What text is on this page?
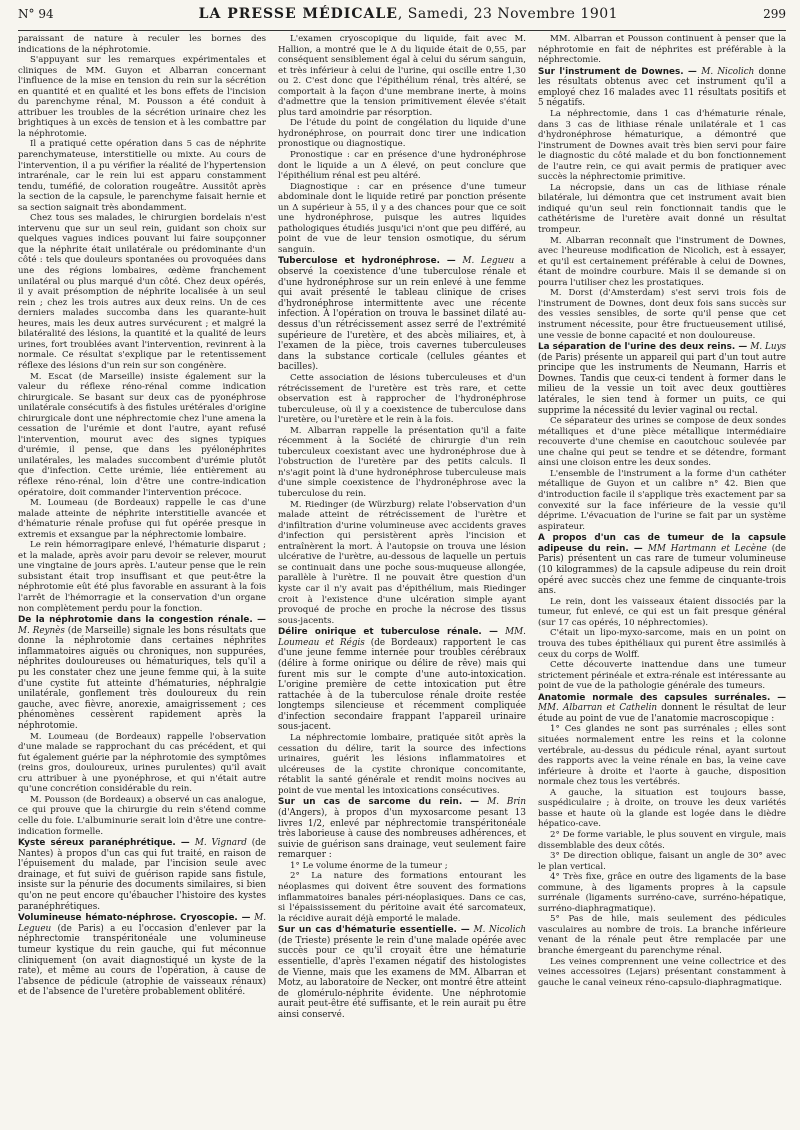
N° 94	LA PRESSE MÉDICALE, Samedi, 23 Novembre 1901	299

paraissant de nature à reculer les bornes des indications de la néphrotomie.

S'appuyant sur les remarques expérimentales et cliniques de MM. Guyon et Albarran concernant l'influence de la mise en tension du rein sur la sécrétion en quantité et en qualité et les bons effets de l'incision du parenchyme rénal, M. Pousson a été conduit à attribuer les troubles de la sécrétion urinaire chez les brightiques à un excès de tension et à les combattre par la néphrotomie.

Il a pratiqué cette opération dans 5 cas de néphrite parenchymateuse, interstitielle ou mixte. Au cours de l'intervention, il a pu vérifier la réalité de l'hypertension intrarénale, car le rein lui est apparu constamment tendu, tuméfié, de coloration rougeâtre. Aussitôt après la section de la capsule, le parenchyme faisait hernie et sa section saignait très abondamment.

Chez tous ses malades, le chirurgien bordelais n'est intervenu que sur un seul rein, guidant son choix sur quelques vagues indices pouvant lui faire soupçonner que la néphrite était unilatérale ou prédominante d'un côté : tels que douleurs spontanées ou provoquées dans une des régions lombaires, œdème franchement unilatéral ou plus marqué d'un côté. Chez deux opérés, il y avait présomption de néphrite localisée à un seul rein ; chez les trois autres aux deux reins. Un de ces derniers malades succomba dans les quarante-huit heures, mais les deux autres survécurent ; et malgré la bilatéralité des lésions, la quantité et la qualité de leurs urines, fort troublées avant l'intervention, revinrent à la normale. Ce résultat s'explique par le retentissement réflexe des lésions d'un rein sur son congénère.

M. Escat (de Marseille) insiste également sur la valeur du réflexe réno-rénal comme indication chirurgicale. Se basant sur deux cas de pyonéphrose unilatérale consécutifs à des fistules urétérales d'origine chirurgicale dont une néphrectomie chez l'une amena la cessation de l'urémie et dont l'autre, ayant refusé l'intervention, mourut avec des signes typiques d'urémie, il pense, que dans les pyélonéphrites unilatérales, les malades succombent d'urémie plutôt que d'infection. Cette urémie, liée entièrement au réflexe réno-rénal, loin d'être une contre-indication opératoire, doit commander l'intervention précoce.

M. Loumeau (de Bordeaux) rappelle le cas d'une malade atteinte de néphrite interstitielle avancée et d'hématurie rénale profuse qui fut opérée presque in extremis et exsangue par la néphrectomie lombaire.

Le rein hémorragipare enlevé, l'hématurie disparut ; et la malade, après avoir paru devoir se relever, mourut une vingtaine de jours après. L'auteur pense que le rein subsistant était trop insuffisant et que peut-être la néphrotomie eût été plus favorable en assurant à la fois l'arrêt de l'hémorragie et la conservation d'un organe non complètement perdu pour la fonction.

De la néphrotomie dans la congestion rénale. — M. Reynès (de Marseille) signale les bons résultats que donne la néphrotomie dans certaines néphrites inflammatoires aiguës ou chroniques, non suppurées, néphrites douloureuses ou hématuriques, tels qu'il a pu les constater chez une jeune femme qui, à la suite d'une cystite fut atteinte d'hématuries, néphralgie unilatérale, gonflement très douloureux du rein gauche, avec fièvre, anorexie, amaigrissement ; ces phénomènes cessèrent rapidement après la néphrotomie.

M. Loumeau (de Bordeaux) rappelle l'observation d'une malade se rapprochant du cas précédent, et qui fut également guérie par la néphrotomie des symptômes (reins gros, douloureux, urines purulentes) qu'il avait cru attribuer à une pyonéphrose, et qui n'était autre qu'une concrétion considérable du rein.

M. Pousson (de Bordeaux) a observé un cas analogue, ce qui prouve que la chirurgie du rein s'étend comme celle du foie. L'albuminurie serait loin d'être une contre-indication formelle.

Kyste séreux paranéphrétique. — M. Vignard (de Nantes) à propos d'un cas qui fut traité, en raison de l'épuisement du malade, par l'incision seule avec drainage, et fut suivi de guérison rapide sans fistule, insiste sur la pénurie des documents similaires, si bien qu'on ne peut encore qu'ébaucher l'histoire des kystes paranéphrétiques.
Volumineuse hémato-néphrose. Cryoscopie. — M. Legueu (de Paris) a eu l'occasion d'enlever par la néphrectomie transpéritonéale une volumineuse tumeur kystique du rein gauche, qui fut méconnue cliniquement (on avait diagnostiqué un kyste de la rate), et même au cours de l'opération, à cause de l'absence de pédicule (atrophie de vaisseaux rénaux) et de l'absence de l'uretère probablement oblitéré.

L'examen cryoscopique du liquide, fait avec M. Hallion, a montré que le Δ du liquide était de 0,55, par conséquent sensiblement égal à celui du sérum sanguin, et très inférieur à celui de l'urine, qui oscille entre 1,30 ou 2. C'est donc que l'épithélium rénal, très altéré, se comportait à la façon d'une membrane inerte, à moins d'admettre que la tension primitivement élevée s'était plus tard amoindrie par résorption.

De l'étude du point de congélation du liquide d'une hydronéphrose, on pourrait donc tirer une indication pronostique ou diagnostique.

Pronostique : car en présence d'une hydronéphrose dont le liquide a un Δ élevé, on peut conclure que l'épithélium rénal est peu altéré.

Diagnostique : car en présence d'une tumeur abdominale dont le liquide retiré par ponction présente un Δ supérieur à 55, il y a des chances pour que ce soit une hydronéphrose, puisque les autres liquides pathologiques étudiés jusqu'ici n'ont que peu différé, au point de vue de leur tension osmotique, du sérum sanguin.

Tuberculose et hydronéphrose. — M. Legueu a observé la coexistence d'une tuberculose rénale et d'une hydronéphrose sur un rein enlevé à une femme qui avait présenté le tableau clinique de crises d'hydronéphrose intermittente avec une récente infection. À l'opération on trouva le bassinet dilaté au-dessus d'un rétrécissement assez serré de l'extrémité supérieure de l'uretère, et des abcès miliaires, et, à l'examen de la pièce, trois cavernes tuberculeuses dans la substance corticale (cellules géantes et bacilles).

Cette association de lésions tuberculeuses et d'un rétrécissement de l'uretère est très rare, et cette observation est à rapprocher de l'hydronéphrose tuberculeuse, où il y a coexistence de tuberculose dans l'uretère, ou l'uretère et le rein à la fois.

M. Albarran rappelle la présentation qu'il a faite récemment à la Société de chirurgie d'un rein tuberculeux coexistant avec une hydronéphrose due à l'obstruction de l'uretère par des petits calculs. Il n's'agit point là d'une hydronéphrose tuberculeuse mais d'une simple coexistence de l'hydronéphrose avec la tuberculose du rein.

M. Riedinger (de Würzburg) relate l'observation d'un malade atteint de rétrécissement de l'urètre et d'infiltration d'urine volumineuse avec accidents graves d'infection qui persistèrent après l'incision et entraînèrent la mort. À l'autopsie on trouva une lésion ulcérative de l'urètre, au-dessous de laquelle un pertuis se continuait dans une poche sous-muqueuse allongée, parallèle à l'urètre. Il ne pouvait être question d'un kyste car il n'y avait pas d'épithélium, mais Riedinger croit à l'existence d'une ulcération simple ayant provoqué de proche en proche la nécrose des tissus sous-jacents.

Délire onirique et tuberculose rénale. — MM. Loumeau et Régis (de Bordeaux) rapportent le cas d'une jeune femme internée pour troubles cérébraux (délire à forme onirique ou délire de rêve) mais qui furent mis sur le compte d'une auto-intoxication. L'origine première de cette intoxication put être rattachée à de la tuberculose rénale droite restée longtemps silencieuse et récemment compliquée d'infection secondaire frappant l'appareil urinaire sous-jacent.

La néphrectomie lombaire, pratiquée sitôt après la cessation du délire, tarit la source des infections urinaires, guérit les lésions inflammatoires et ulcéreuses de la cystite chronique concomitante, rétablit la santé générale et rendit moins nocives au point de vue mental les intoxications consécutives.

Sur un cas de sarcome du rein. — M. Brin (d'Angers), à propos d'un myxosarcome pesant 13 livres 1/2, enlevé par néphrectomie transpéritonéale très laborieuse à cause des nombreuses adhérences, et suivie de guérison sans drainage, veut seulement faire remarquer :

1° Le volume énorme de la tumeur ;

2° La nature des formations entourant les néoplasmes qui doivent être souvent des formations inflammatoires banales péri-néoplasiques. Dans ce cas, si l'épaississement du péritoine avait été sarcomateux, la récidive aurait déjà emporté le malade.

Sur un cas d'hématurie essentielle. — M. Nicolich (de Trieste) présente le rein d'une malade opérée avec succès pour ce qu'il croyait être une hématurie essentielle, d'après l'examen négatif des histologistes de Vienne, mais que les examens de MM. Albarran et Motz, au laboratoire de Necker, ont montré être atteint de glomérulo-néphrite évidente. Une néphrotomie aurait peut-être été suffisante, et le rein aurait pu être ainsi conservé.

MM. Albarran et Pousson continuent à penser que la néphrotomie en fait de néphrites est préférable à la néphrectomie.

Sur l'instrument de Downes. — M. Nicolich donne les résultats obtenus avec cet instrument qu'il a employé chez 16 malades avec 11 résultats positifs et 5 négatifs.

La néphrectomie, dans 1 cas d'hématurie rénale, dans 3 cas de lithiase rénale unilatérale et 1 cas d'hydronéphrose hématurique, a démontré que l'instrument de Downes avait très bien servi pour faire le diagnostic du côté malade et du bon fonctionnement de l'autre rein, ce qui avait permis de pratiquer avec succès la néphrectomie primitive.

La nécropsie, dans un cas de lithiase rénale bilatérale, lui démontra que cet instrument avait bien indiqué qu'un seul rein fonctionnait tandis que le cathétérisme de l'uretère avait donné un résultat trompeur.

M. Albarran reconnaît que l'instrument de Downes, avec l'heureuse modification de Nicolich, est à essayer, et qu'il est certainement préférable à celui de Downes, étant de moindre courbure. Mais il se demande si on pourra l'utiliser chez les prostatiques.

M. Dorst (d'Amsterdam) s'est servi trois fois de l'instrument de Downes, dont deux fois sans succès sur des vessies sensibles, de sorte qu'il pense que cet instrument nécessite, pour être fructueusement utilisé, une vessie de bonne capacité et non douloureuse.

La séparation de l'urine des deux reins. — M. Luys (de Paris) présente un appareil qui part d'un tout autre principe que les instruments de Neumann, Harris et Downes. Tandis que ceux-ci tendent à former dans le milieu de la vessie un toit avec deux gouttières latérales, le sien tend à former un puits, ce qui supprime la nécessité du levier vaginal ou rectal.

Ce séparateur des urines se compose de deux sondes métalliques et d'une pièce métallique intermédiaire recouverte d'une chemise en caoutchouc soulevée par une chaîne qui peut se tendre et se détendre, formant ainsi une cloison entre les deux sondes.

L'ensemble de l'instrument a la forme d'un cathéter métallique de Guyon et un calibre n° 42. Bien que d'introduction facile il s'applique très exactement par sa convexité sur la face inférieure de la vessie qu'il déprime. L'évacuation de l'urine se fait par un système aspirateur.

A propos d'un cas de tumeur de la capsule adipeuse du rein. — MM Hartmann et Lecène (de Paris) présentent un cas rare de tumeur volumineuse (10 kilogrammes) de la capsule adipeuse du rein droit opéré avec succès chez une femme de cinquante-trois ans.

Le rein, dont les vaisseaux étaient dissociés par la tumeur, fut enlevé, ce qui est un fait presque général (sur 17 cas opérés, 10 néphrectomies).

C'était un lipo-myxo-sarcome, mais en un point on trouva des tubes épithéliaux qui purent être assimilés à ceux du corps de Wolff.

Cette découverte inattendue dans une tumeur strictement périnéale et extra-rénale est intéressante au point de vue de la pathologie générale des tumeurs.

Anatomie normale des capsules surrénales. — MM. Albarran et Cathelin donnent le résultat de leur étude au point de vue de l'anatomie macroscopique :

1° Ces glandes ne sont pas surrénales ; elles sont situées normalement entre les reins et la colonne vertébrale, au-dessus du pédicule rénal, ayant surtout des rapports avec la veine rénale en bas, la veine cave inférieure à droite et l'aorte à gauche, disposition normale chez tous les vertébrés.

A gauche, la situation est toujours basse, suspédiculaire ; à droite, on trouve les deux variétés basse et haute où la glande est logée dans le dièdre hépatico-cave.

2° De forme variable, le plus souvent en virgule, mais dissemblable des deux côtés.

3° De direction oblique, faisant un angle de 30° avec le plan vertical.

4° Très fixe, grâce en outre des ligaments de la base commune, à des ligaments propres à la capsule surrénale (ligaments surréno-cave, surréno-hépatique, surréno-diaphragmatique).

5° Pas de hile, mais seulement des pédicules vasculaires au nombre de trois. La branche inférieure venant de la rénale peut être remplacée par une branche émergeant du parenchyme rénal.

Les veines comprennent une veine collectrice et des veines accessoires (Lejars) présentant constamment à gauche le canal veineux réno-capsulo-diaphragmatique.
